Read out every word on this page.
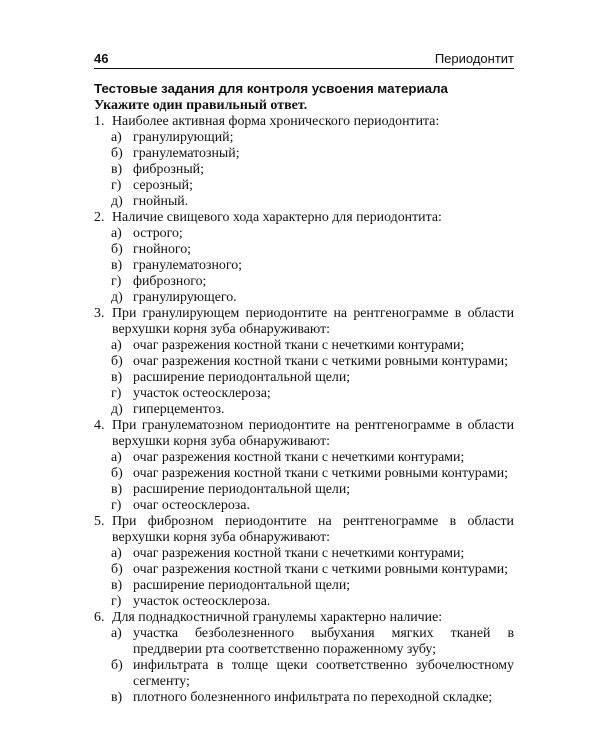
46	Периодонтит
Тестовые задания для контроля усвоения материала
Укажите один правильный ответ.
1. Наиболее активная форма хронического периодонтита:
а) гранулирующий;
б) гранулематозный;
в) фиброзный;
г) серозный;
д) гнойный.
2. Наличие свищевого хода характерно для периодонтита:
а) острого;
б) гнойного;
в) гранулематозного;
г) фиброзного;
д) гранулирующего.
3. При гранулирующем периодонтите на рентгенограмме в области верхушки корня зуба обнаруживают:
а) очаг разрежения костной ткани с нечеткими контурами;
б) очаг разрежения костной ткани с четкими ровными контурами;
в) расширение периодонтальной щели;
г) участок остеосклероза;
д) гиперцементоз.
4. При гранулематозном периодонтите на рентгенограмме в области верхушки корня зуба обнаруживают:
а) очаг разрежения костной ткани с нечеткими контурами;
б) очаг разрежения костной ткани с четкими ровными контурами;
в) расширение периодонтальной щели;
г) очаг остеосклероза.
5. При фиброзном периодонтите на рентгенограмме в области верхушки корня зуба обнаруживают:
а) очаг разрежения костной ткани с нечеткими контурами;
б) очаг разрежения костной ткани с четкими ровными контурами;
в) расширение периодонтальной щели;
г) участок остеосклероза.
6. Для поднадкостничной гранулемы характерно наличие:
а) участка безболезненного выбухания мягких тканей в преддверии рта соответственно пораженному зубу;
б) инфильтрата в толще щеки соответственно зубочелюстному сегменту;
в) плотного болезненного инфильтрата по переходной складке;
